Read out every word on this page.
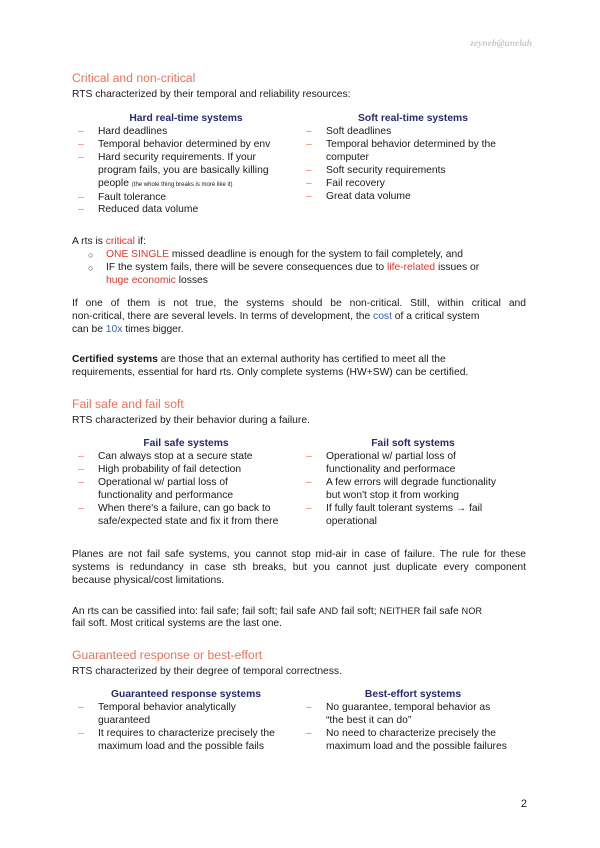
zeyneb@unelah
Critical and non-critical
RTS characterized by their temporal and reliability resources:
Hard real-time systems
– Hard deadlines
– Temporal behavior determined by env
– Hard security requirements. If your
program fails, you are basically killing
people (the whole thing breaks is more like it)
– Fault tolerance
– Reduced data volume
Soft real-time systems
– Soft deadlines
– Temporal behavior determined by the
computer
– Soft security requirements
– Fail recovery
– Great data volume
A rts is critical if:
○ ONE SINGLE missed deadline is enough for the system to fail completely, and
○ IF the system fails, there will be severe consequences due to life-related issues or
huge economic losses
If one of them is not true, the systems should be non-critical. Still, within critical and
non-critical, there are several levels. In terms of development, the cost of a critical system
can be 10x times bigger.
Certified systems are those that an external authority has certified to meet all the
requirements, essential for hard rts. Only complete systems (HW+SW) can be certified.
Fail safe and fail soft
RTS characterized by their behavior during a failure.
Fail safe systems
– Can always stop at a secure state
– High probability of fail detection
– Operational w/ partial loss of
functionality and performance
– When there's a failure, can go back to
safe/expected state and fix it from there
Fail soft systems
– Operational w/ partial loss of
functionality and performace
– A few errors will degrade functionality
but won't stop it from working
– If fully fault tolerant systems → fail
operational
Planes are not fail safe systems, you cannot stop mid-air in case of failure. The rule for these
systems is redundancy in case sth breaks, but you cannot just duplicate every component
because physical/cost limitations.
An rts can be cassified into: fail safe; fail soft; fail safe AND fail soft; NEITHER fail safe NOR
fail soft. Most critical systems are the last one.
Guaranteed response or best-effort
RTS characterized by their degree of temporal correctness.
Guaranteed response systems
– Temporal behavior analytically
guaranteed
– It requires to characterize precisely the
maximum load and the possible fails
Best-effort systems
– No guarantee, temporal behavior as
“the best it can do”
– No need to characterize precisely the
maximum load and the possible failures
2
